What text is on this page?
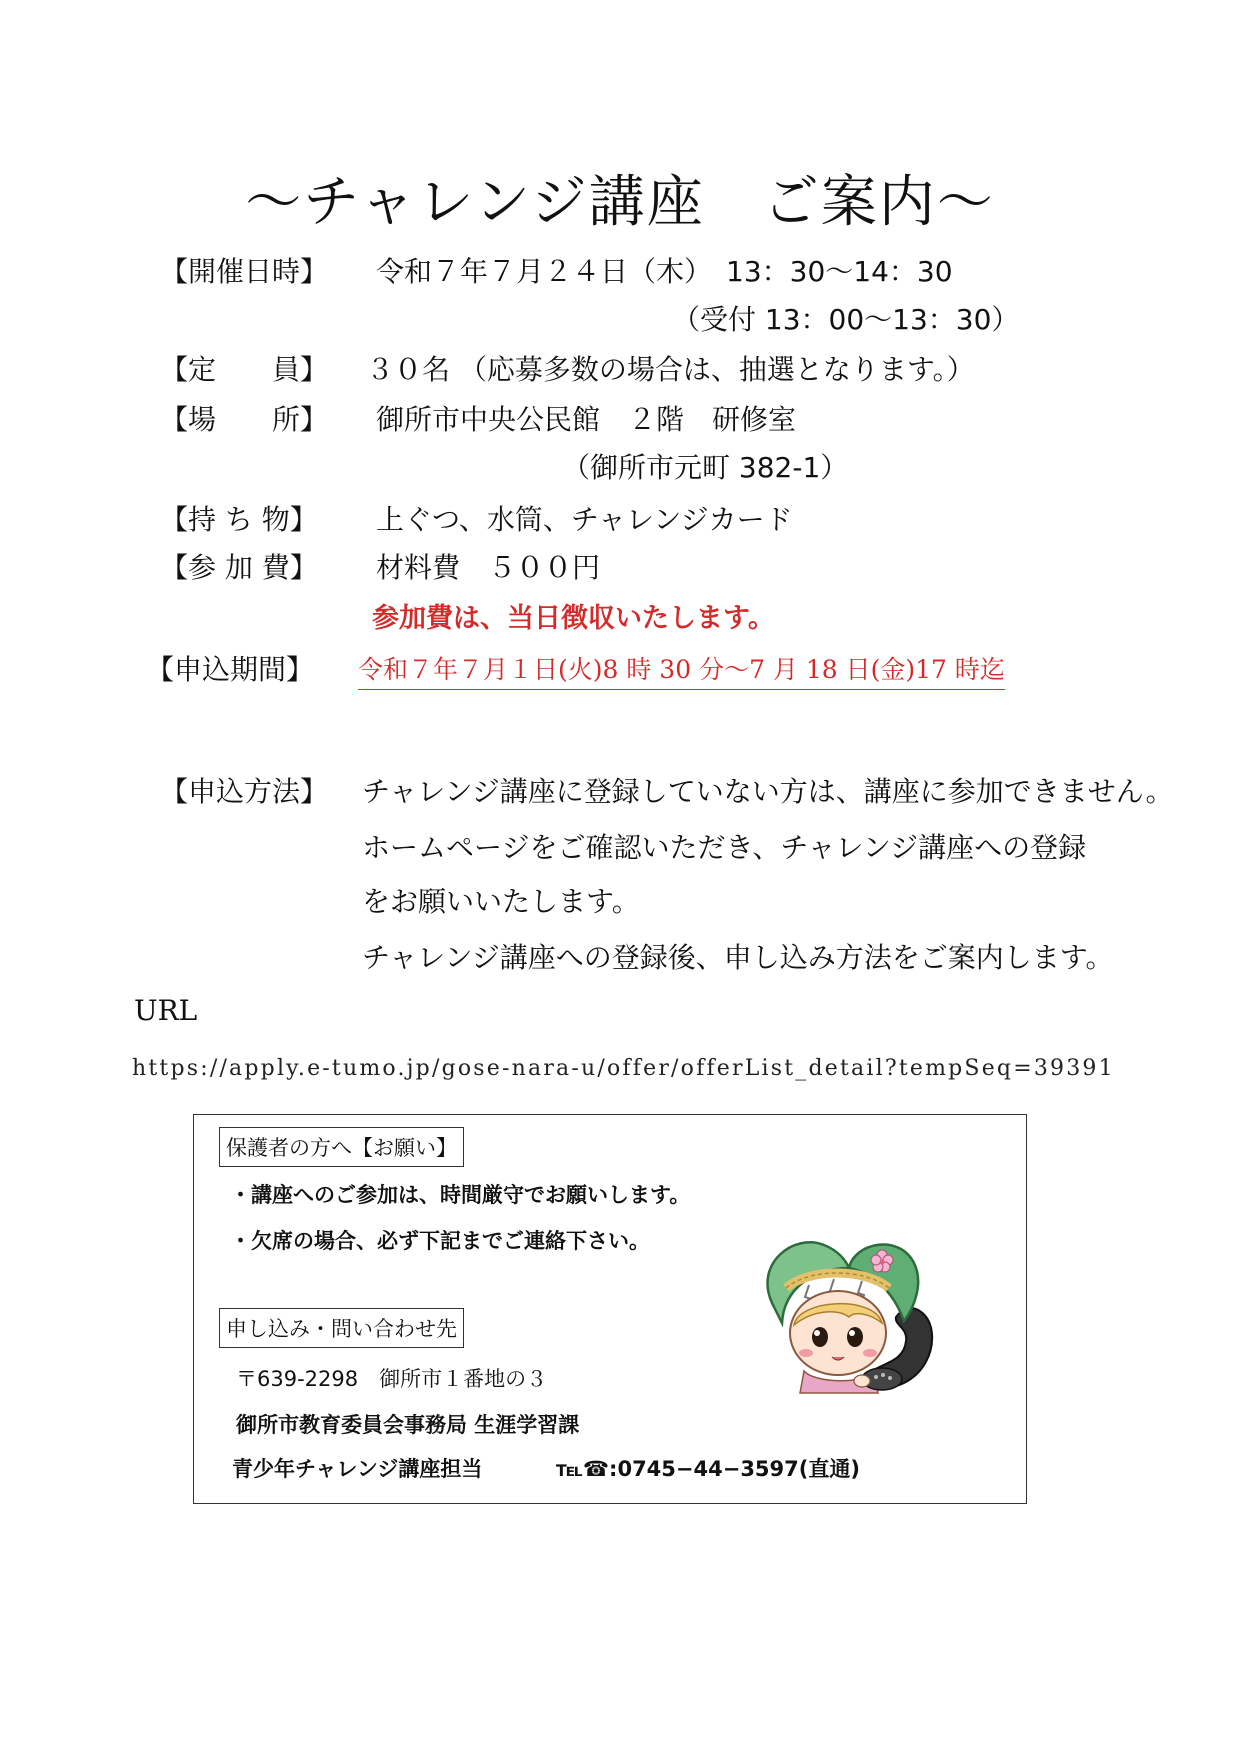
～チャレンジ講座　ご案内～
【開催日時】 令和７年７月２４日（木）　13：30～14：30
（受付 13：00～13：30）
【定　　員】 ３０名 （応募多数の場合は、抽選となります。）
【場　　所】 御所市中央公民館　２階　研修室
（御所市元町 382-1）
【持 ち 物】 上ぐつ、水筒、チャレンジカード
【参 加 費】 材料費　５００円
参加費は、当日徴収いたします。
【申込期間】 令和７年７月１日(火)8 時 30 分～7 月 18 日(金)17 時迄
【申込方法】 チャレンジ講座に登録していない方は、講座に参加できません。
ホームページをご確認いただき、チャレンジ講座への登録
をお願いいたします。
チャレンジ講座への登録後、申し込み方法をご案内します。
URL
https://apply.e-tumo.jp/gose-nara-u/offer/offerList_detail?tempSeq=39391
保護者の方へ【お願い】
・講座へのご参加は、時間厳守でお願いします。
・欠席の場合、必ず下記までご連絡下さい。
申し込み・問い合わせ先
〒639-2298　御所市１番地の３
御所市教育委員会事務局 生涯学習課
青少年チャレンジ講座担当	℡☎:0745−44−3597(直通)
